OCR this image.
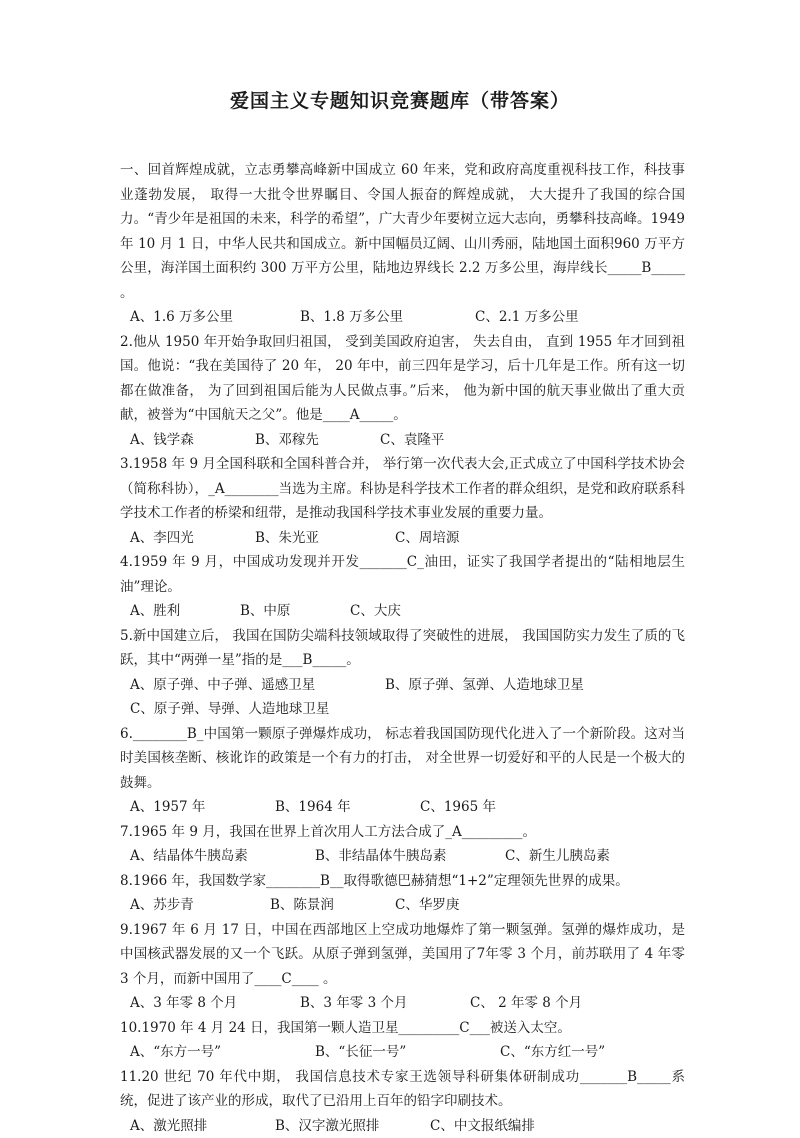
爱国主义专题知识竞赛题库（带答案）
一、回首辉煌成就，立志勇攀高峰新中国成立 60 年来，党和政府高度重视科技工作，科技事业蓬勃发展， 取得一大批令世界瞩目、令国人振奋的辉煌成就， 大大提升了我国的综合国力。“青少年是祖国的未来，科学的希望”，广大青少年要树立远大志向，勇攀科技高峰。1949 年 10 月 1 日，中华人民共和国成立。新中国幅员辽阔、山川秀丽，陆地国土面积960 万平方公里，海洋国土面积约 300 万平方公里，陆地边界线长 2.2 万多公里，海岸线长_____B_____ 。
A、1.6 万多公里	B、1.8 万多公里	C、2.1 万多公里
2.他从 1950 年开始争取回归祖国， 受到美国政府迫害， 失去自由， 直到 1955 年才回到祖国。他说：“我在美国待了 20 年， 20 年中，前三四年是学习，后十几年是工作。所有这一切都在做准备， 为了回到祖国后能为人民做点事。”后来， 他为新中国的航天事业做出了重大贡献，被誉为“中国航天之父”。他是____A_____。
A、钱学森	B、邓稼先	C、袁隆平
3.1958 年 9 月全国科联和全国科普合并， 举行第一次代表大会,正式成立了中国科学技术协会（简称科协），_A________当选为主席。科协是科学技术工作者的群众组织，是党和政府联系科学技术工作者的桥梁和纽带，是推动我国科学技术事业发展的重要力量。
A、李四光	B、朱光亚	C、周培源
4.1959 年 9 月，中国成功发现并开发_______C_油田，证实了我国学者提出的“陆相地层生油”理论。
A、胜利	B、中原	C、大庆
5.新中国建立后， 我国在国防尖端科技领域取得了突破性的进展， 我国国防实力发生了质的飞跃，其中“两弹一星”指的是___B_____。
A、原子弹、中子弹、遥感卫星	B、原子弹、氢弹、人造地球卫星C、原子弹、导弹、人造地球卫星
6.________B_中国第一颗原子弹爆炸成功， 标志着我国国防现代化进入了一个新阶段。这对当时美国核垄断、核讹诈的政策是一个有力的打击， 对全世界一切爱好和平的人民是一个极大的鼓舞。
A、1957 年	B、1964 年	C、1965 年
7.1965 年 9 月，我国在世界上首次用人工方法合成了_A_________。
A、结晶体牛胰岛素	B、非结晶体牛胰岛素	C、新生儿胰岛素
8.1966 年，我国数学家________B__取得歌德巴赫猜想“1+2”定理领先世界的成果。
A、苏步青	B、陈景润	C、华罗庚
9.1967 年 6 月 17 日，中国在西部地区上空成功地爆炸了第一颗氢弹。氢弹的爆炸成功，是中国核武器发展的又一个飞跃。从原子弹到氢弹，美国用了7年零 3 个月，前苏联用了 4 年零 3 个月，而新中国用了____C____ 。
A、3 年零 8 个月	B、3 年零 3 个月	C、 2 年零 8 个月
10.1970 年 4 月 24 日，我国第一颗人造卫星_________C___被送入太空。
A、“东方一号”	B、“长征一号”	C、“东方红一号”
11.20 世纪 70 年代中期， 我国信息技术专家王选领导科研集体研制成功_______B_____系统，促进了该产业的形成，取代了已沿用上百年的铅字印刷技术。
A、激光照排	B、汉字激光照排	C、中文报纸编排
